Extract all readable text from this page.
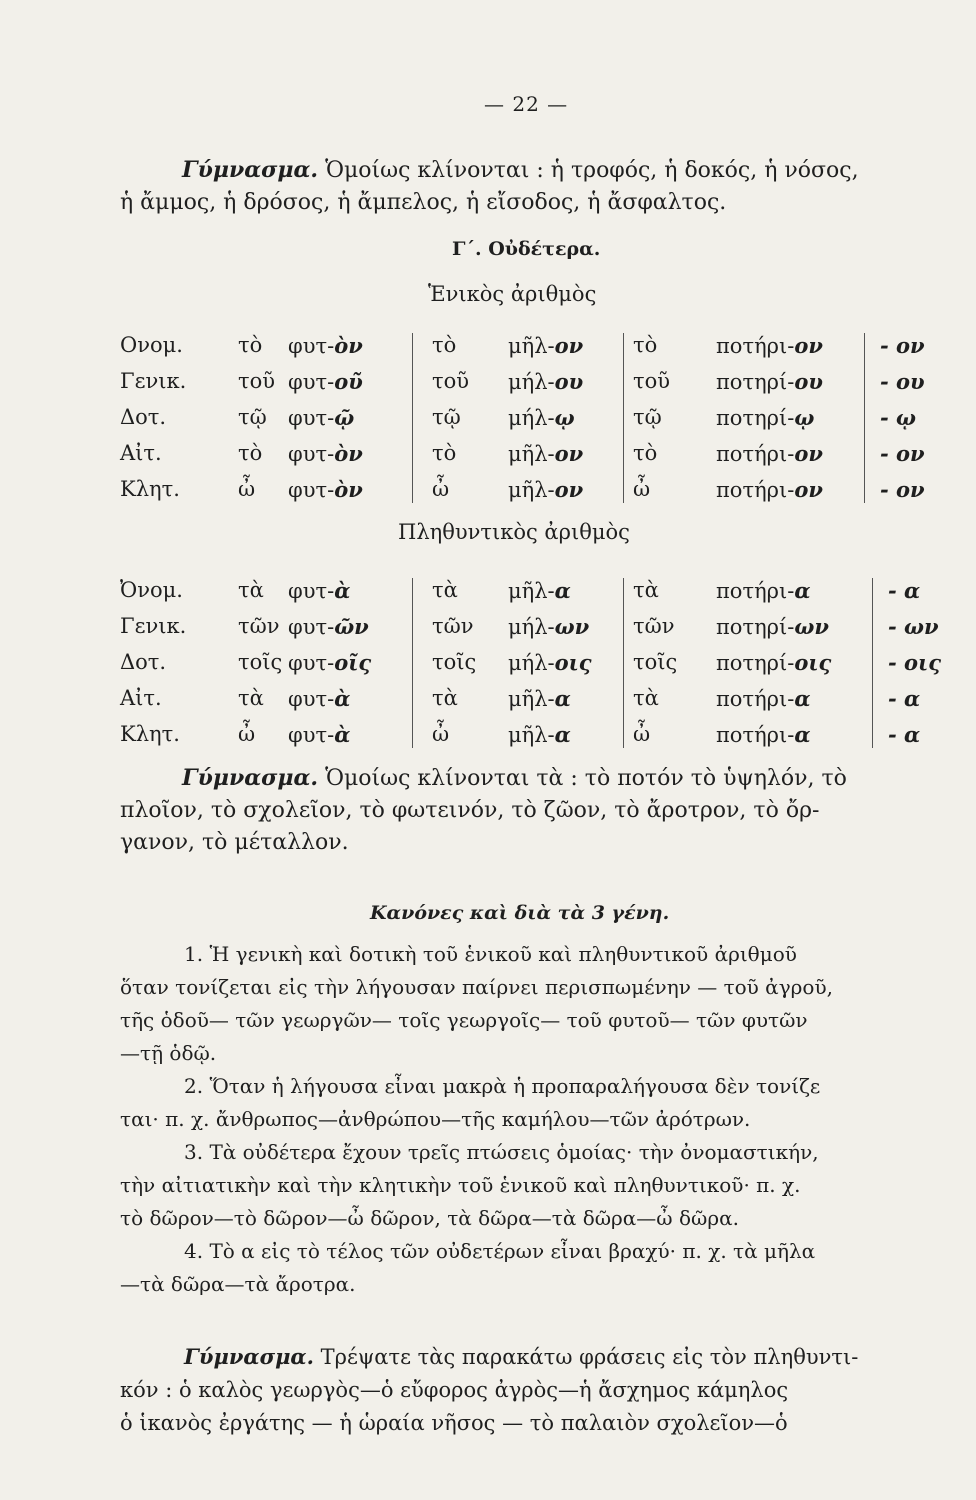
— 22 —
Γύμνασμα. Ὁμοίως κλίνονται : ἡ τροφός, ἡ δοκός, ἡ νόσος,
ἡ ἄμμος, ἡ δρόσος, ἡ ἄμπελος, ἡ εἴσοδος, ἡ ἄσφαλτος.
Γ΄. Οὐδέτερα.
Ἑνικὸς ἀριθμὸς
Ονομ.	τὸ φυτ-ὸν	τὸ μῆλ-ον τὸ	ποτήρι-ον	- ον
Γενικ. τοῦ φυτ-οῦ	τοῦ μήλ-ου τοῦ ποτηρί-ου	- ου
Δοτ.	τῷ φυτ-ῷ	τῷ μήλ-ῳ	τῷ	ποτηρί-ῳ	- ῳ
Αἰτ.	τὸ φυτ-ὸν	τὸ μῆλ-ον τὸ	ποτήρι-ον	- ον
Κλητ.	ὦ φυτ-ὸν	ὦ	μῆλ-ον ὦ	ποτήρι-ον	- ον
Πληθυντικὸς ἀριθμὸς
Ὀνομ.	τὰ φυτ-ὰ	τὰ μῆλ-α	τὰ	ποτήρι-α	- α
Γενικ. τῶν φυτ-ῶν	τῶν μήλ-ων τῶν ποτηρί-ων	- ων
Δοτ.	τοῖς φυτ-οῖς	τοῖς μήλ-οις τοῖς ποτηρί-οις	- οις
Αἰτ.	τὰ φυτ-ὰ	τὰ μῆλ-α	τὰ	ποτήρι-α	- α
Κλητ.	ὦ φυτ-ὰ	ὦ	μῆλ-α	ὦ	ποτήρι-α	- α
Γύμνασμα. Ὁμοίως κλίνονται τὰ : τὸ ποτόν τὸ ὑψηλόν, τὸ
πλοῖον, τὸ σχολεῖον, τὸ φωτεινόν, τὸ ζῶον, τὸ ἄροτρον, τὸ ὄρ-
γανον, τὸ μέταλλον.
Κανόνες καὶ διὰ τὰ 3 γένη.
1. Ἡ γενικὴ καὶ δοτικὴ τοῦ ἑνικοῦ καὶ πληθυντικοῦ ἀριθμοῦ
ὅταν τονίζεται εἰς τὴν λήγουσαν παίρνει περισπωμένην — τοῦ ἀγροῦ,
τῆς ὁδοῦ— τῶν γεωργῶν— τοῖς γεωργοῖς— τοῦ φυτοῦ— τῶν φυτῶν
—τῇ ὁδῷ.
2. Ὅταν ἡ λήγουσα εἶναι μακρὰ ἡ προπαραλήγουσα δὲν τονίζε
ται· π. χ. ἄνθρωπος—ἀνθρώπου—τῆς καμήλου—τῶν ἀρότρων.
3. Τὰ οὐδέτερα ἔχουν τρεῖς πτώσεις ὁμοίας· τὴν ὀνομαστικήν,
τὴν αἰτιατικὴν καὶ τὴν κλητικὴν τοῦ ἑνικοῦ καὶ πληθυντικοῦ· π. χ.
τὸ δῶρον—τὸ δῶρον—ὦ δῶρον, τὰ δῶρα—τὰ δῶρα—ὦ δῶρα.
4. Τὸ α εἰς τὸ τέλος τῶν οὐδετέρων εἶναι βραχύ· π. χ. τὰ μῆλα
—τὰ δῶρα—τὰ ἄροτρα.
Γύμνασμα. Τρέψατε τὰς παρακάτω φράσεις εἰς τὸν πληθυντι-
κόν : ὁ καλὸς γεωργὸς—ὁ εὔφορος ἀγρὸς—ἡ ἄσχημος κάμηλος
ὁ ἱκανὸς ἐργάτης — ἡ ὡραία νῆσος — τὸ παλαιὸν σχολεῖον—ὁ
